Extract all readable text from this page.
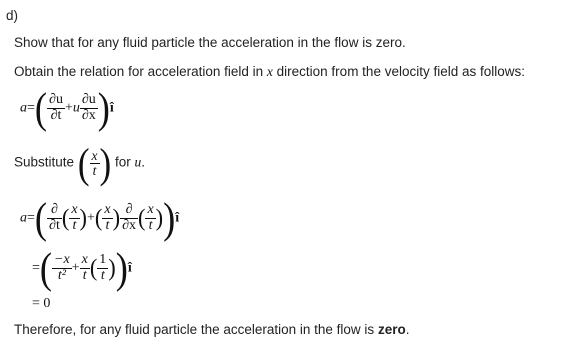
d)
Show that for any fluid particle the acceleration in the flow is zero.
Obtain the relation for acceleration field in x direction from the velocity field as follows:
$a=( \frac{\partial u}{\partial t} +u \frac{\partial u}{\partial x}$ )î
Substitute ( $\frac{x}{t}$ ) for u.
$a=( \frac{\partial}{\partial t}$ ( $\frac{x}{t}$ )+( $\frac{x}{t}$ ) $\frac{\partial}{\partial x}$ ( $\frac{x}{t}$ ))î
=( $\frac{-x}{\text{t²}} + \frac{x}{t}$ ( $\frac{1}{t}$ ))î
= 0
Therefore, for any fluid particle the acceleration in the flow is zero.
